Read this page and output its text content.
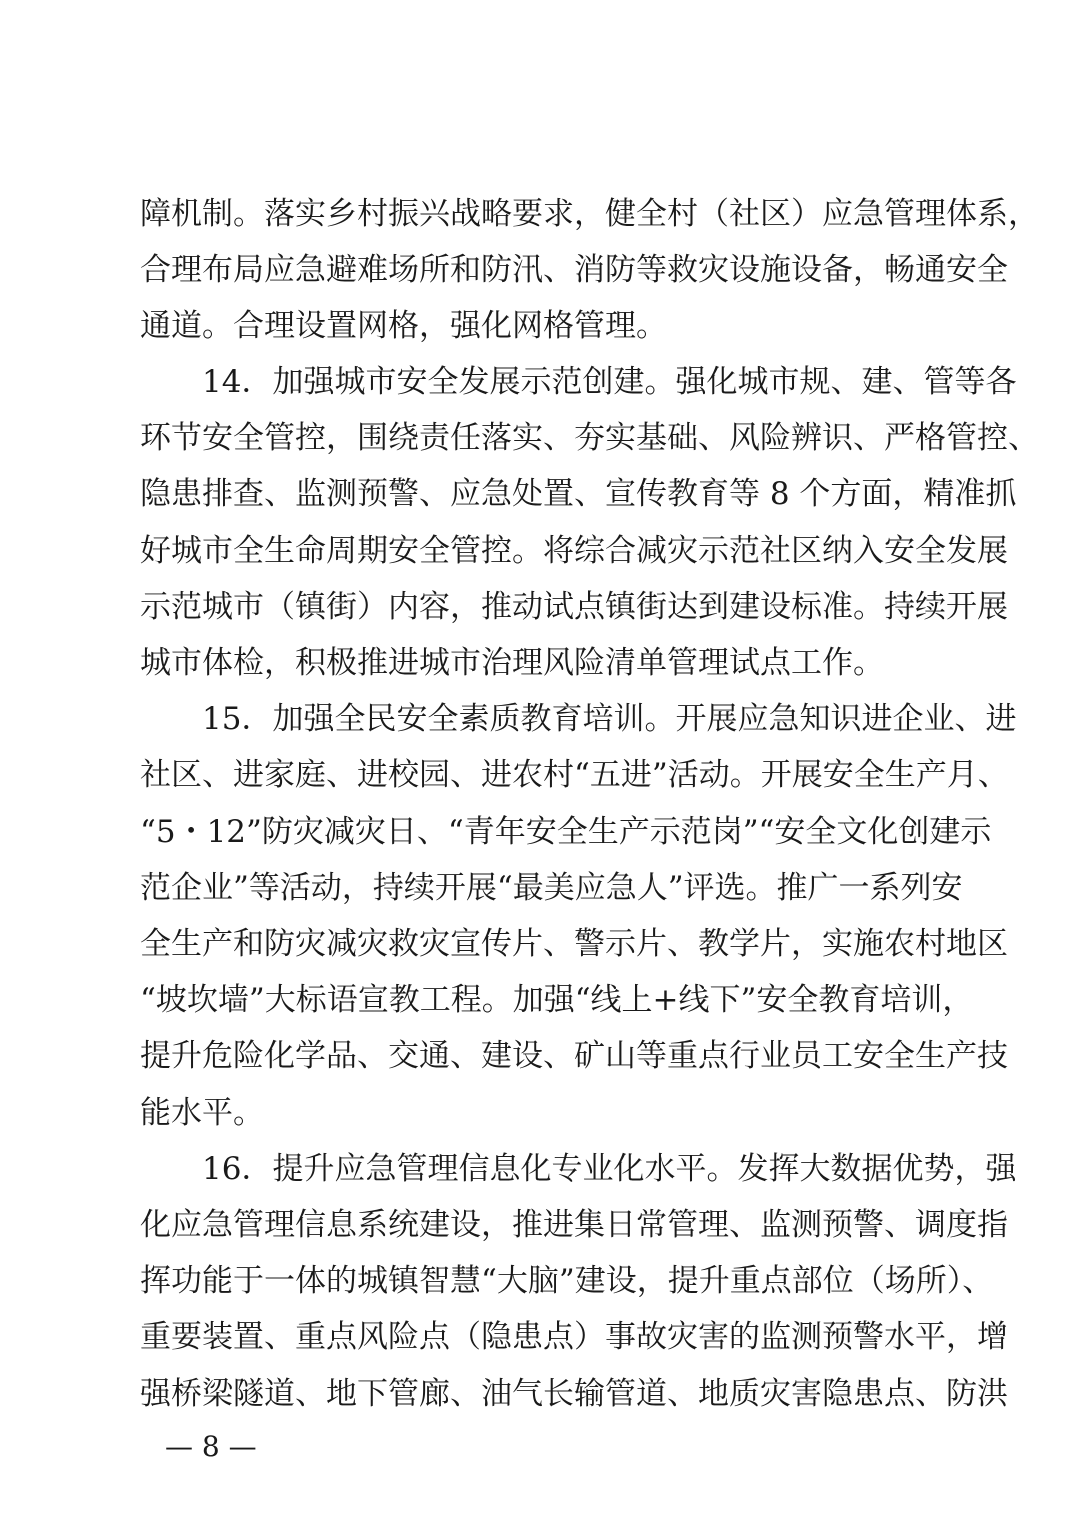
障机制。落实乡村振兴战略要求，健全村（社区）应急管理体系，
合理布局应急避难场所和防汛、消防等救灾设施设备，畅通安全
通道。合理设置网格，强化网格管理。
　　14．加强城市安全发展示范创建。强化城市规、建、管等各
环节安全管控，围绕责任落实、夯实基础、风险辨识、严格管控、
隐患排查、监测预警、应急处置、宣传教育等 8 个方面，精准抓
好城市全生命周期安全管控。将综合减灾示范社区纳入安全发展
示范城市（镇街）内容，推动试点镇街达到建设标准。持续开展
城市体检，积极推进城市治理风险清单管理试点工作。
　　15．加强全民安全素质教育培训。开展应急知识进企业、进
社区、进家庭、进校园、进农村“五进”活动。开展安全生产月、
“5・12”防灾减灾日、“青年安全生产示范岗”“安全文化创建示
范企业”等活动，持续开展“最美应急人”评选。推广一系列安
全生产和防灾减灾救灾宣传片、警示片、教学片，实施农村地区
“坡坎墙”大标语宣教工程。加强“线上+线下”安全教育培训，
提升危险化学品、交通、建设、矿山等重点行业员工安全生产技
能水平。
　　16．提升应急管理信息化专业化水平。发挥大数据优势，强
化应急管理信息系统建设，推进集日常管理、监测预警、调度指
挥功能于一体的城镇智慧“大脑”建设，提升重点部位（场所）、
重要装置、重点风险点（隐患点）事故灾害的监测预警水平，增
强桥梁隧道、地下管廊、油气长输管道、地质灾害隐患点、防洪
— 8 —
